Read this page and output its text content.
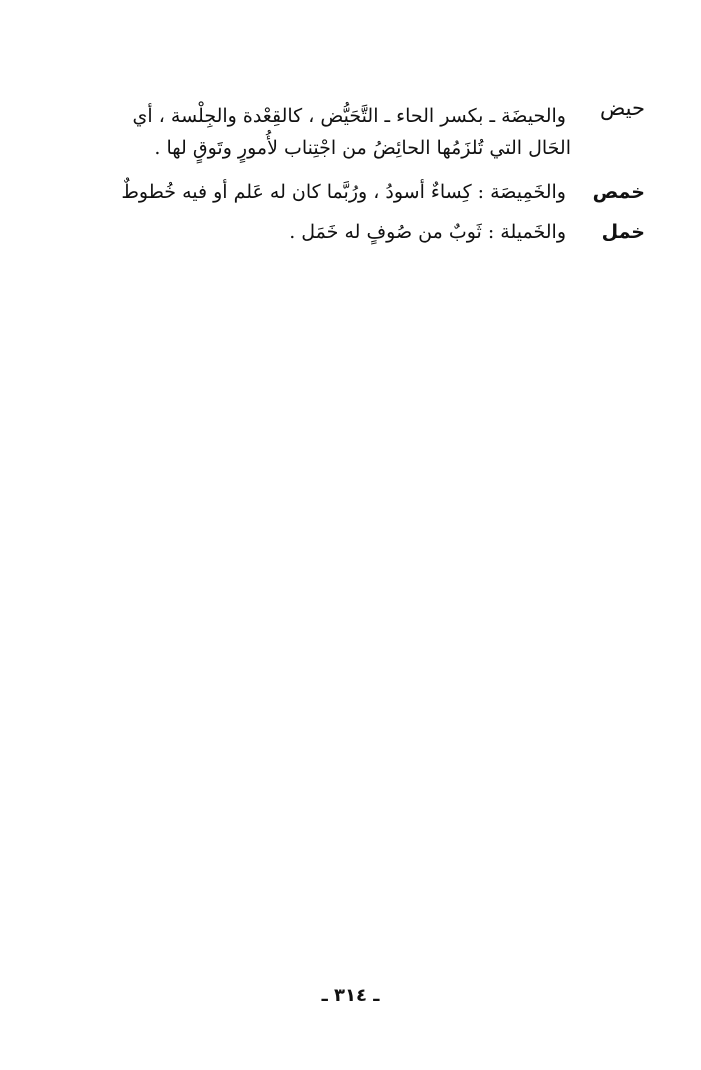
حيض
والحيضَة ـ بكسر الحاء ـ التَّحَيُّض ، كالقِعْدة والجِلْسة ، أي
الحَال التي تُلزَمُها الحائِضُ من اجْتِناب لأُمورٍ وتَوقٍ لها .
خمص
والخَمِيصَة : كِساءٌ أسودُ ، ورُبَّما كان له عَلم أو فيه خُطوطٌ
خمل
والخَميلة : ثَوبٌ من صُوفٍ له خَمَل .
ـ ٣١٤ ـ
